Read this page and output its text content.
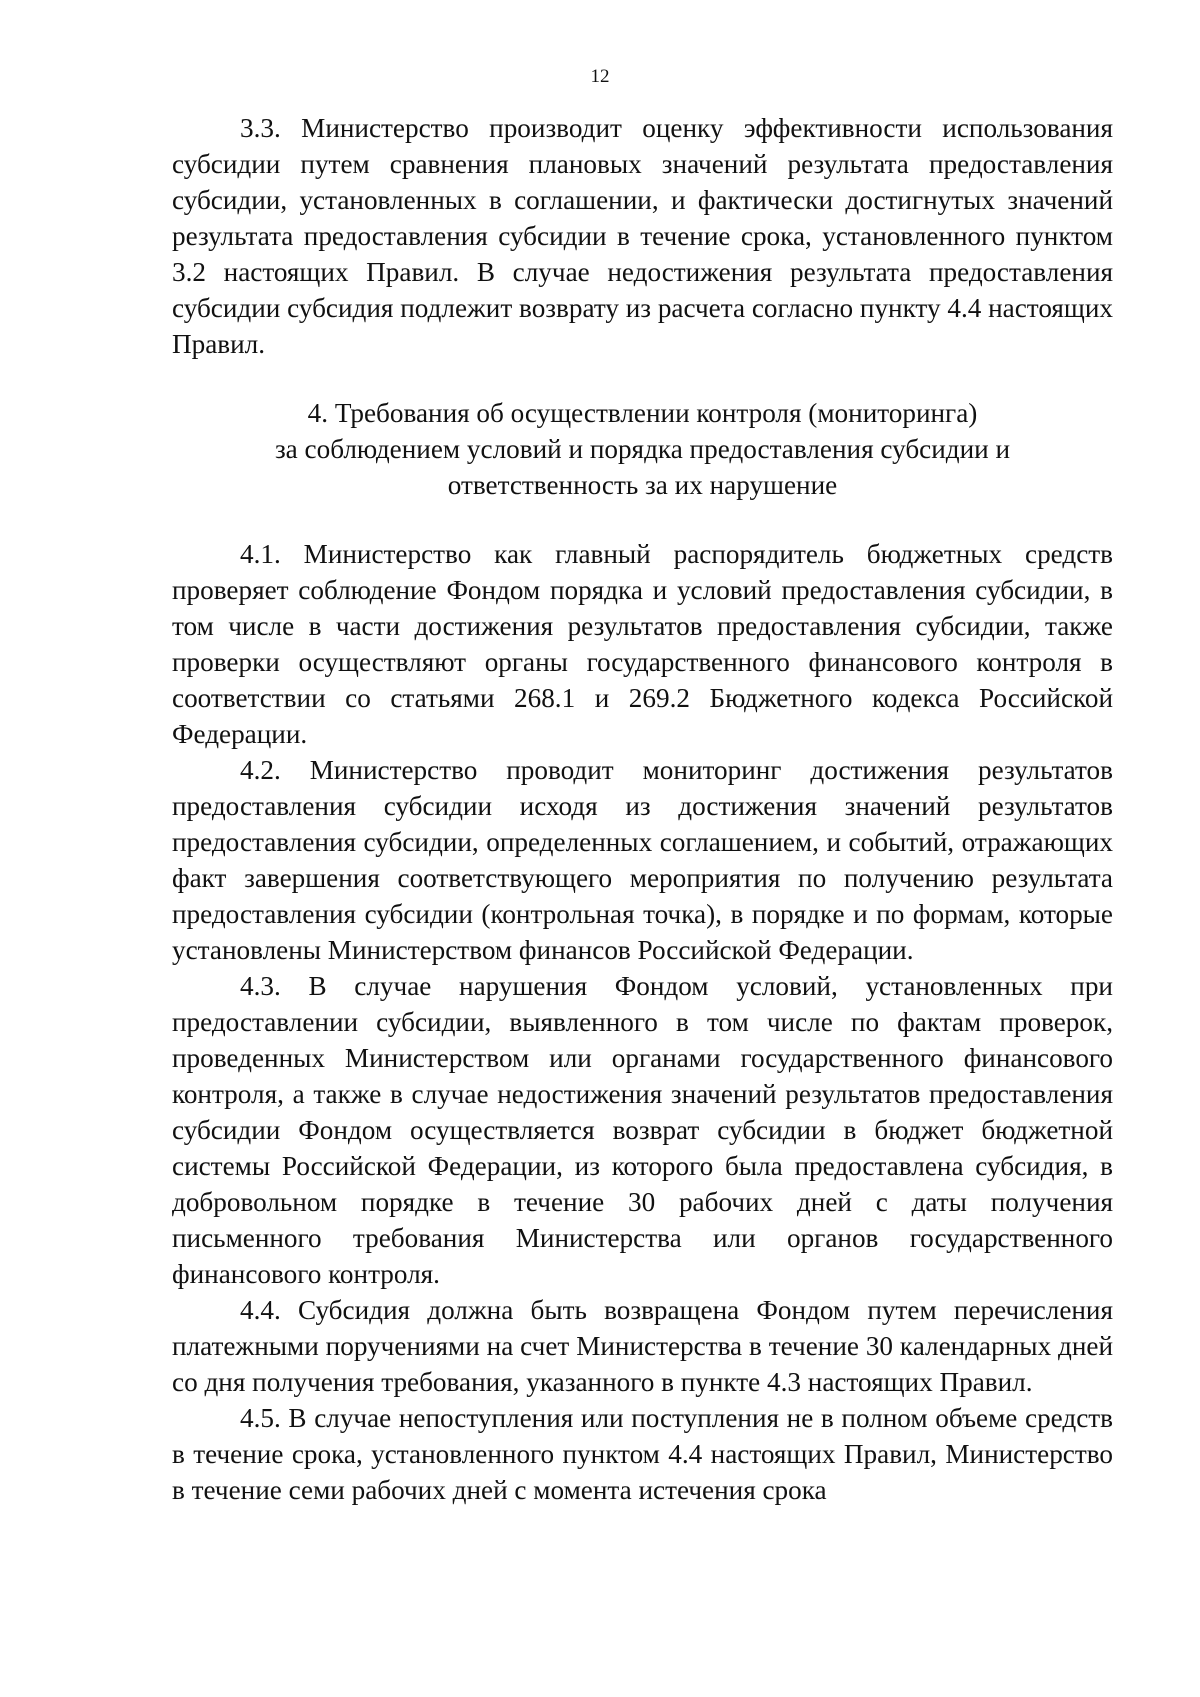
12

3.3. Министерство производит оценку эффективности использования субсидии путем сравнения плановых значений результата предоставления субсидии, установленных в соглашении, и фактически достигнутых значений результата предоставления субсидии в течение срока, установленного пунктом 3.2 настоящих Правил. В случае недостижения результата предоставления субсидии субсидия подлежит возврату из расчета согласно пункту 4.4 настоящих Правил.

4. Требования об осуществлении контроля (мониторинга)
за соблюдением условий и порядка предоставления субсидии и
ответственность за их нарушение

4.1. Министерство как главный распорядитель бюджетных средств проверяет соблюдение Фондом порядка и условий предоставления субсидии, в том числе в части достижения результатов предоставления субсидии, также проверки осуществляют органы государственного финансового контроля в соответствии со статьями 268.1 и 269.2 Бюджетного кодекса Российской Федерации.

4.2. Министерство проводит мониторинг достижения результатов предоставления субсидии исходя из достижения значений результатов предоставления субсидии, определенных соглашением, и событий, отражающих факт завершения соответствующего мероприятия по получению результата предоставления субсидии (контрольная точка), в порядке и по формам, которые установлены Министерством финансов Российской Федерации.

4.3. В случае нарушения Фондом условий, установленных при предоставлении субсидии, выявленного в том числе по фактам проверок, проведенных Министерством или органами государственного финансового контроля, а также в случае недостижения значений результатов предоставления субсидии Фондом осуществляется возврат субсидии в бюджет бюджетной системы Российской Федерации, из которого была предоставлена субсидия, в добровольном порядке в течение 30 рабочих дней с даты получения письменного требования Министерства или органов государственного финансового контроля.

4.4. Субсидия должна быть возвращена Фондом путем перечисления платежными поручениями на счет Министерства в течение 30 календарных дней со дня получения требования, указанного в пункте 4.3 настоящих Правил.

4.5. В случае непоступления или поступления не в полном объеме средств в течение срока, установленного пунктом 4.4 настоящих Правил, Министерство в течение семи рабочих дней с момента истечения срока
